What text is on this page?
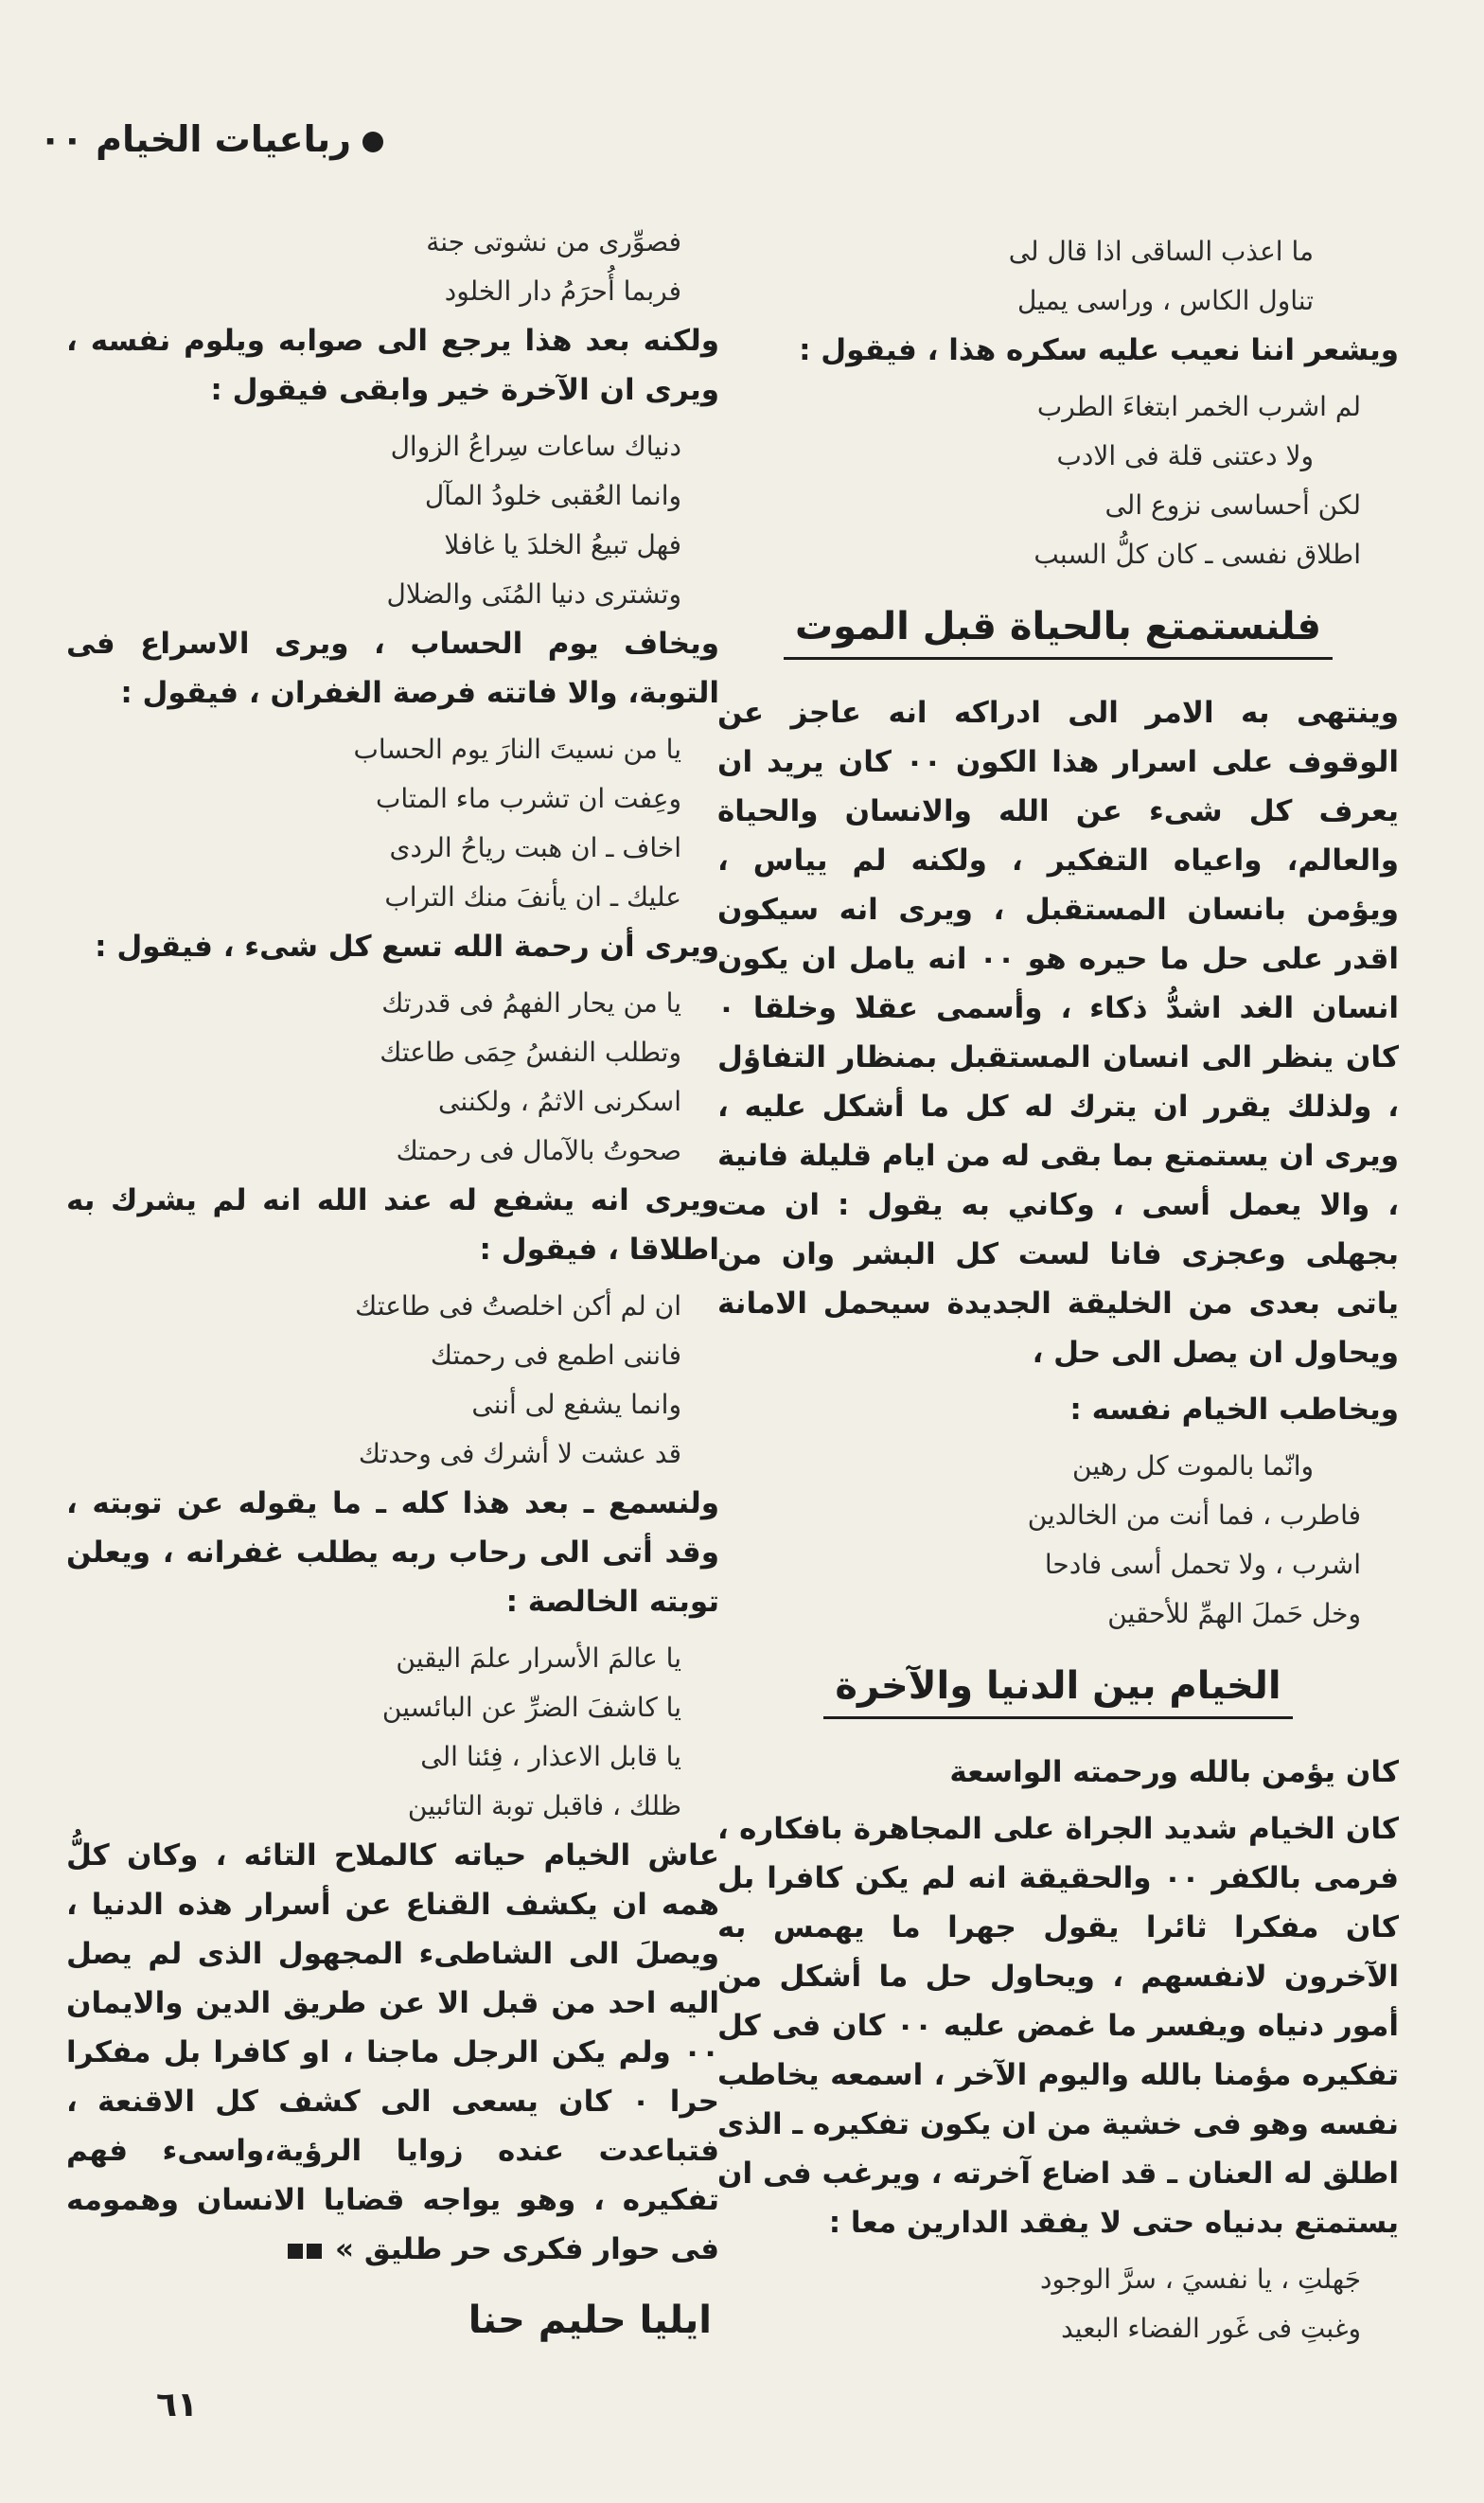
رباعيات الخيام ٠٠

ما اعذب الساقى اذا قال لى

تناول الكاس ، وراسى يميل

ويشعر اننا نعيب عليه سكره هذا ، فيقول :

لم اشرب الخمر ابتغاءَ الطرب

ولا دعتنى قلة فى الادب

لكن أحساسى نزوع الى

اطلاق نفسى ـ كان كلُّ السبب

فلنستمتع بالحياة قبل الموت

وينتهى به الامر الى ادراكه انه عاجز عن الوقوف على اسرار هذا الكون ٠٠ كان يريد ان يعرف كل شىء عن الله والانسان والحياة والعالم، واعياه التفكير ، ولكنه لم يياس ، ويؤمن بانسان المستقبل ، ويرى انه سيكون اقدر على حل ما حيره هو ٠٠ انه يامل ان يكون انسان الغد اشدُّ ذكاء ، وأسمى عقلا وخلقا ٠ كان ينظر الى انسان المستقبل بمنظار التفاؤل ، ولذلك يقرر ان يترك له كل ما أشكل عليه ، ويرى ان يستمتع بما بقى له من ايام قليلة فانية ، والا يعمل أسى ، وكاني به يقول : ان مت بجهلى وعجزى فانا لست كل البشر وان من ياتى بعدى من الخليقة الجديدة سيحمل الامانة ويحاول ان يصل الى حل ،

ويخاطب الخيام نفسه :

وانّما بالموت كل رهين

فاطرب ، فما أنت من الخالدين

اشرب ، ولا تحمل أسى فادحا

وخل حَملَ الهمِّ للأحقين

الخيام بين الدنيا والآخرة

كان يؤمن بالله ورحمته الواسعة

كان الخيام شديد الجراة على المجاهرة بافكاره ، فرمى بالكفر ٠٠ والحقيقة انه لم يكن كافرا بل كان مفكرا ثائرا يقول جهرا ما يهمس به الآخرون لانفسهم ، ويحاول حل ما أشكل من أمور دنياه ويفسر ما غمض عليه ٠٠ كان فى كل تفكيره مؤمنا بالله واليوم الآخر ، اسمعه يخاطب نفسه وهو فى خشية من ان يكون تفكيره ـ الذى اطلق له العنان ـ قد اضاع آخرته ، ويرغب فى ان يستمتع بدنياه حتى لا يفقد الدارين معا :

جَهلتِ ، يا نفسيَ ، سرَّ الوجود

وغبتِ فى غَور الفضاء البعيد

فصوِّرى من نشوتى جنة

فربما أُحرَمُ دار الخلود

ولكنه بعد هذا يرجع الى صوابه ويلوم نفسه ، ويرى ان الآخرة خير وابقى فيقول :

دنياك ساعات سِراعُ الزوال

وانما العُقبى خلودُ المآل

فهل تبيعُ الخلدَ يا غافلا

وتشترى دنيا المُنَى والضلال

ويخاف يوم الحساب ، ويرى الاسراع فى التوبة، والا فاتته فرصة الغفران ، فيقول :

يا من نسيتَ النارَ يوم الحساب

وعِفت ان تشرب ماء المتاب

اخاف ـ ان هبت رياحُ الردى

عليك ـ ان يأنفَ منك التراب

ويرى أن رحمة الله تسع كل شىء ، فيقول :

يا من يحار الفهمُ فى قدرتك

وتطلب النفسُ حِمَى طاعتك

اسكرنى الاثمُ ، ولكننى

صحوتُ بالآمال فى رحمتك

ويرى انه يشفع له عند الله انه لم يشرك به اطلاقا ، فيقول :

ان لم أكن اخلصتُ فى طاعتك

فاننى اطمع فى رحمتك

وانما يشفع لى أننى

قد عشت لا أشرك فى وحدتك

ولنسمع ـ بعد هذا كله ـ ما يقوله عن توبته ، وقد أتى الى رحاب ربه يطلب غفرانه ، ويعلن توبته الخالصة :

يا عالمَ الأسرار علمَ اليقين

يا كاشفَ الضرِّ عن البائسين

يا قابل الاعذار ، فِئنا الى

ظلك ، فاقبل توبة التائبين

عاش الخيام حياته كالملاح التائه ، وكان كلُّ همه ان يكشف القناع عن أسرار هذه الدنيا ، ويصلَ الى الشاطىء المجهول الذى لم يصل اليه احد من قبل الا عن طريق الدين والايمان ٠٠ ولم يكن الرجل ماجنا ، او كافرا بل مفكرا حرا ٠ كان يسعى الى كشف كل الاقنعة ، فتباعدت عنده زوايا الرؤية،واسىء فهم تفكيره ، وهو يواجه قضايا الانسان وهمومه فى حوار فكرى حر طليق »

ايليا حليم حنا
٦١
